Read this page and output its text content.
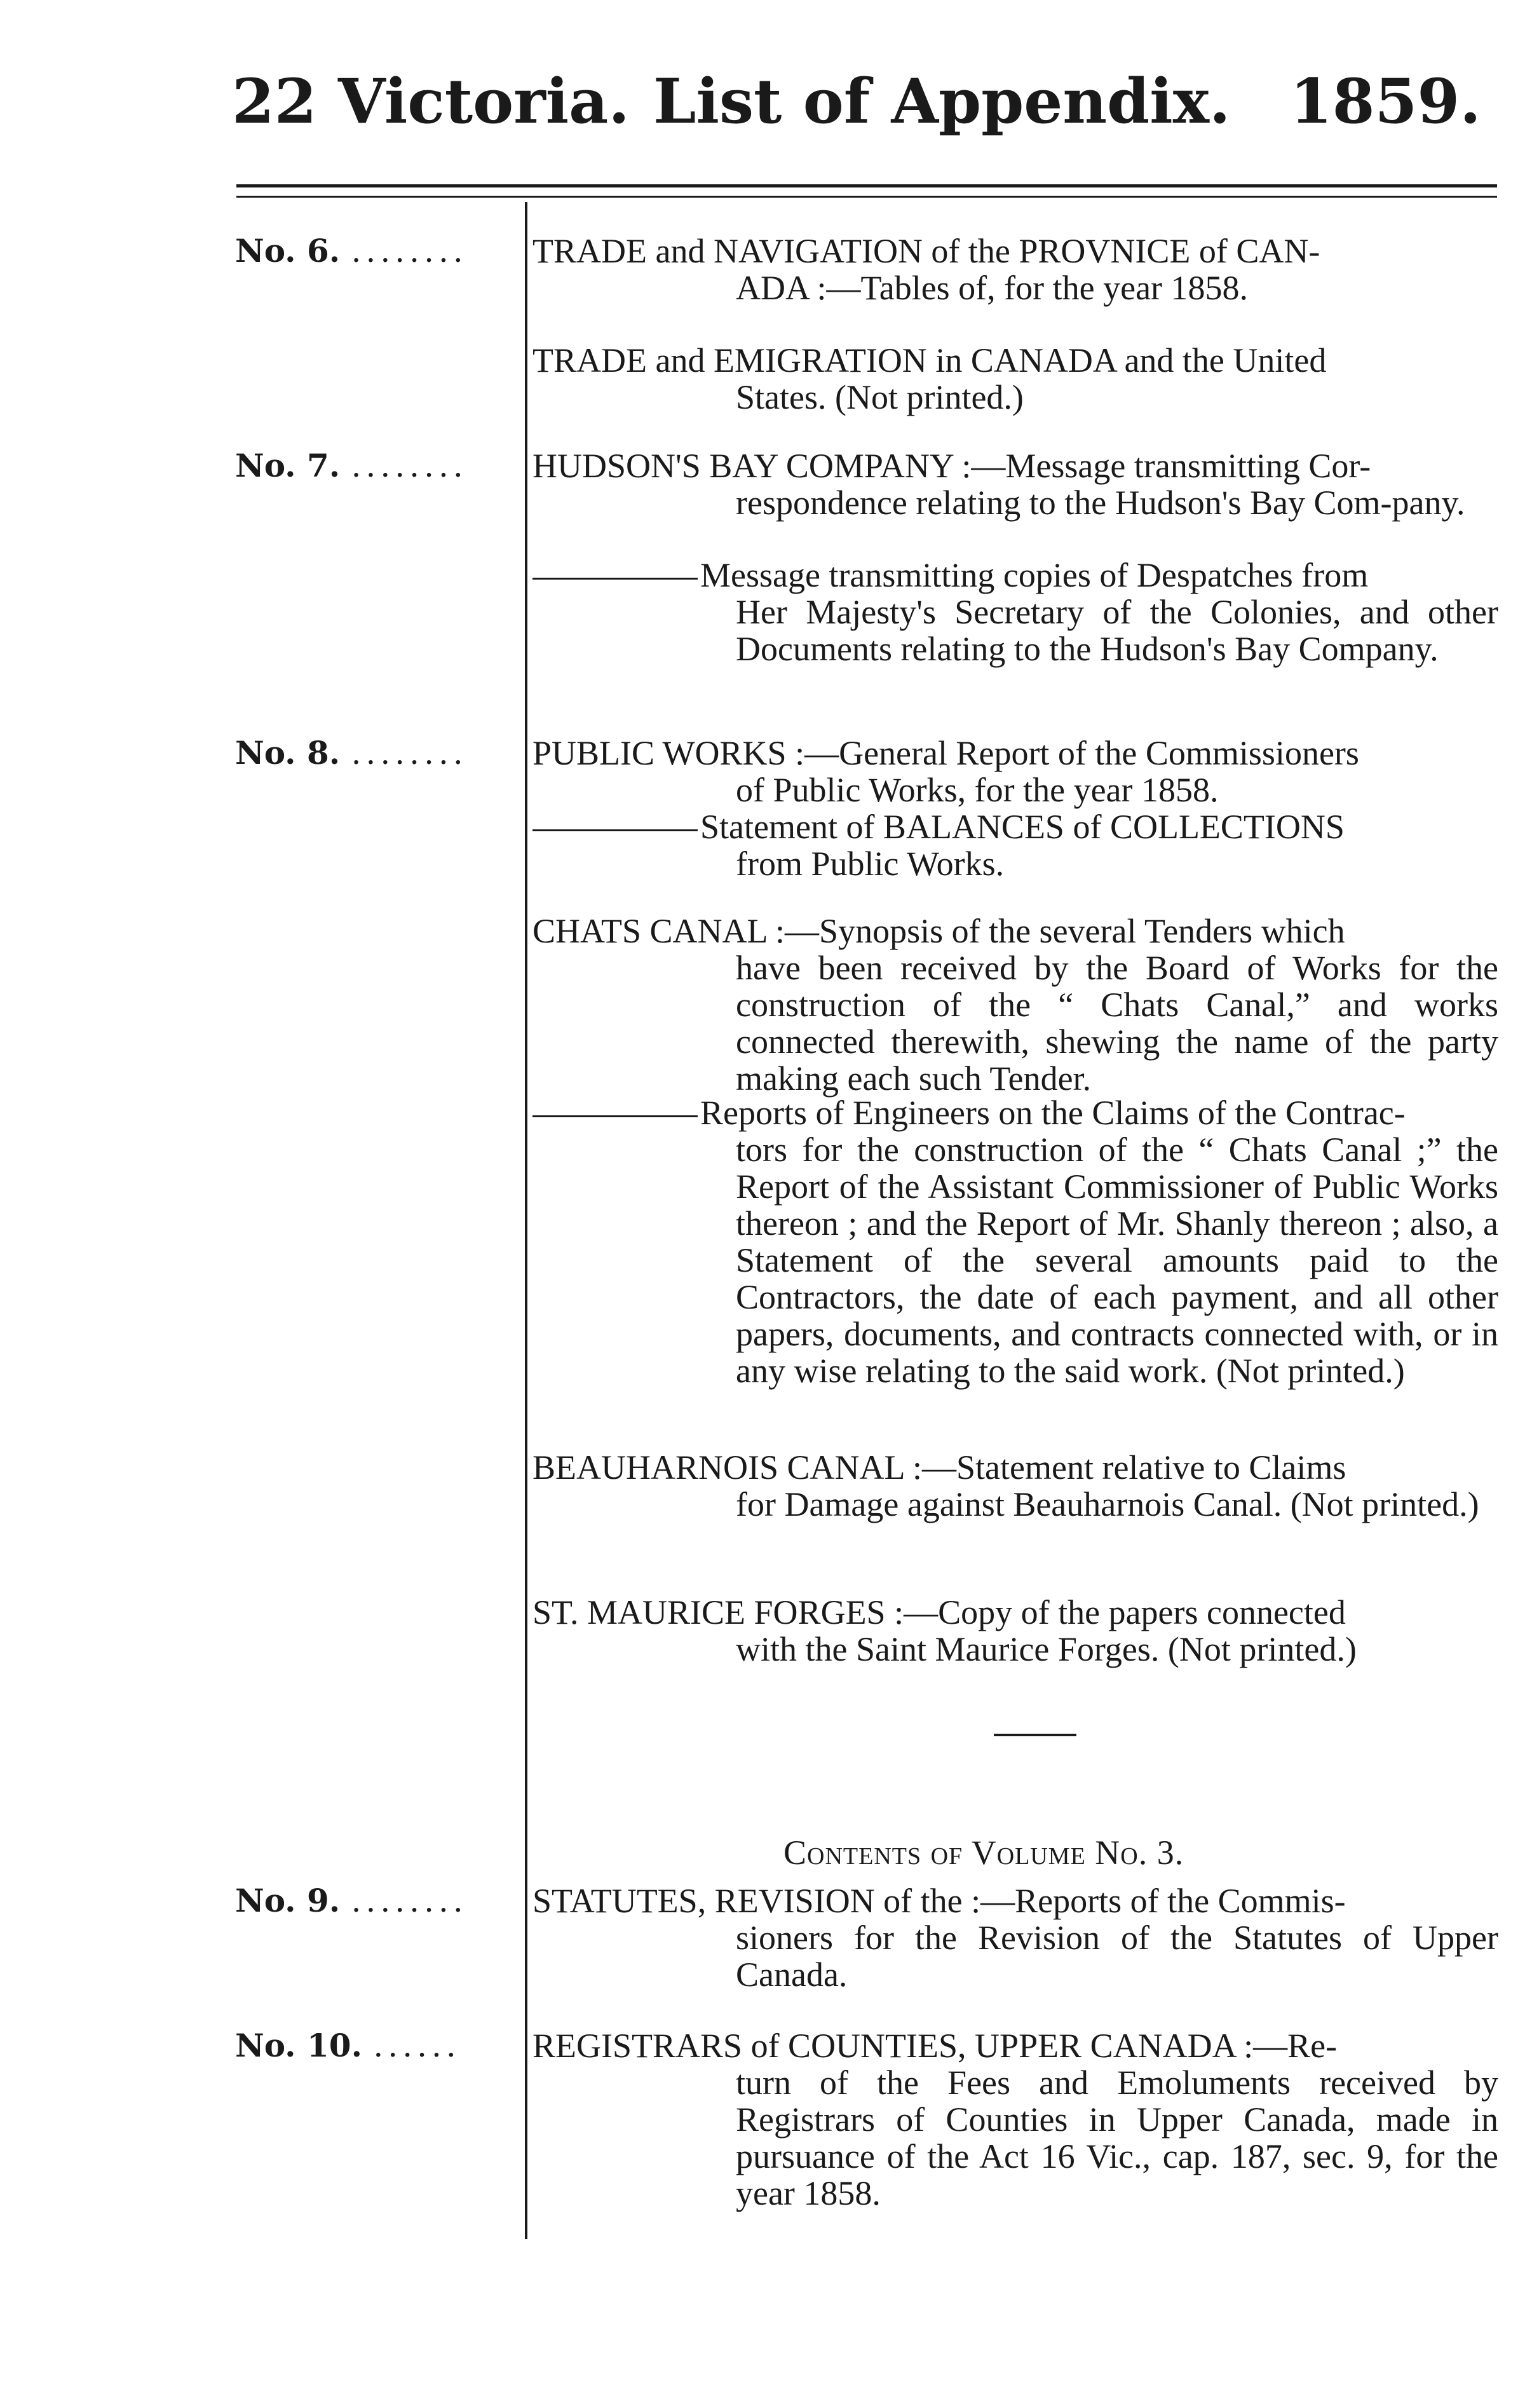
22 Victoria. List of Appendix. 1859.
No. 6. ........ TRADE and NAVIGATION of the PROVNICE of CAN-
ADA :—Tables of, for the year 1858.
TRADE and EMIGRATION in CANADA and the United
States. (Not printed.)
No. 7. ........ HUDSON'S BAY COMPANY :—Message transmitting Cor-
respondence relating to the Hudson's Bay Com-pany.
Message transmitting copies of Despatches from
Her Majesty's Secretary of the Colonies, and other Documents relating to the Hudson's Bay Company.
No. 8. ........ PUBLIC WORKS :—General Report of the Commissioners
of Public Works, for the year 1858.
Statement of BALANCES of COLLECTIONS
from Public Works.
CHATS CANAL :—Synopsis of the several Tenders which
have been received by the Board of Works for the construction of the “ Chats Canal,” and works connected therewith, shewing the name of the party making each such Tender.
Reports of Engineers on the Claims of the Contrac-
tors for the construction of the “ Chats Canal ;” the Report of the Assistant Commissioner of Public Works thereon ; and the Report of Mr. Shanly thereon ; also, a Statement of the several amounts paid to the Contractors, the date of each payment, and all other papers, documents, and contracts connected with, or in any wise relating to the said work. (Not printed.)
BEAUHARNOIS CANAL :—Statement relative to Claims
for Damage against Beauharnois Canal. (Not printed.)
ST. MAURICE FORGES :—Copy of the papers connected
with the Saint Maurice Forges. (Not printed.)
Contents of Volume No. 3.
No. 9. ........ STATUTES, REVISION of the :—Reports of the Commis-
sioners for the Revision of the Statutes of Upper Canada.
No. 10. ...... REGISTRARS of COUNTIES, UPPER CANADA :—Re-
turn of the Fees and Emoluments received by Registrars of Counties in Upper Canada, made in pursuance of the Act 16 Vic., cap. 187, sec. 9, for the year 1858.
